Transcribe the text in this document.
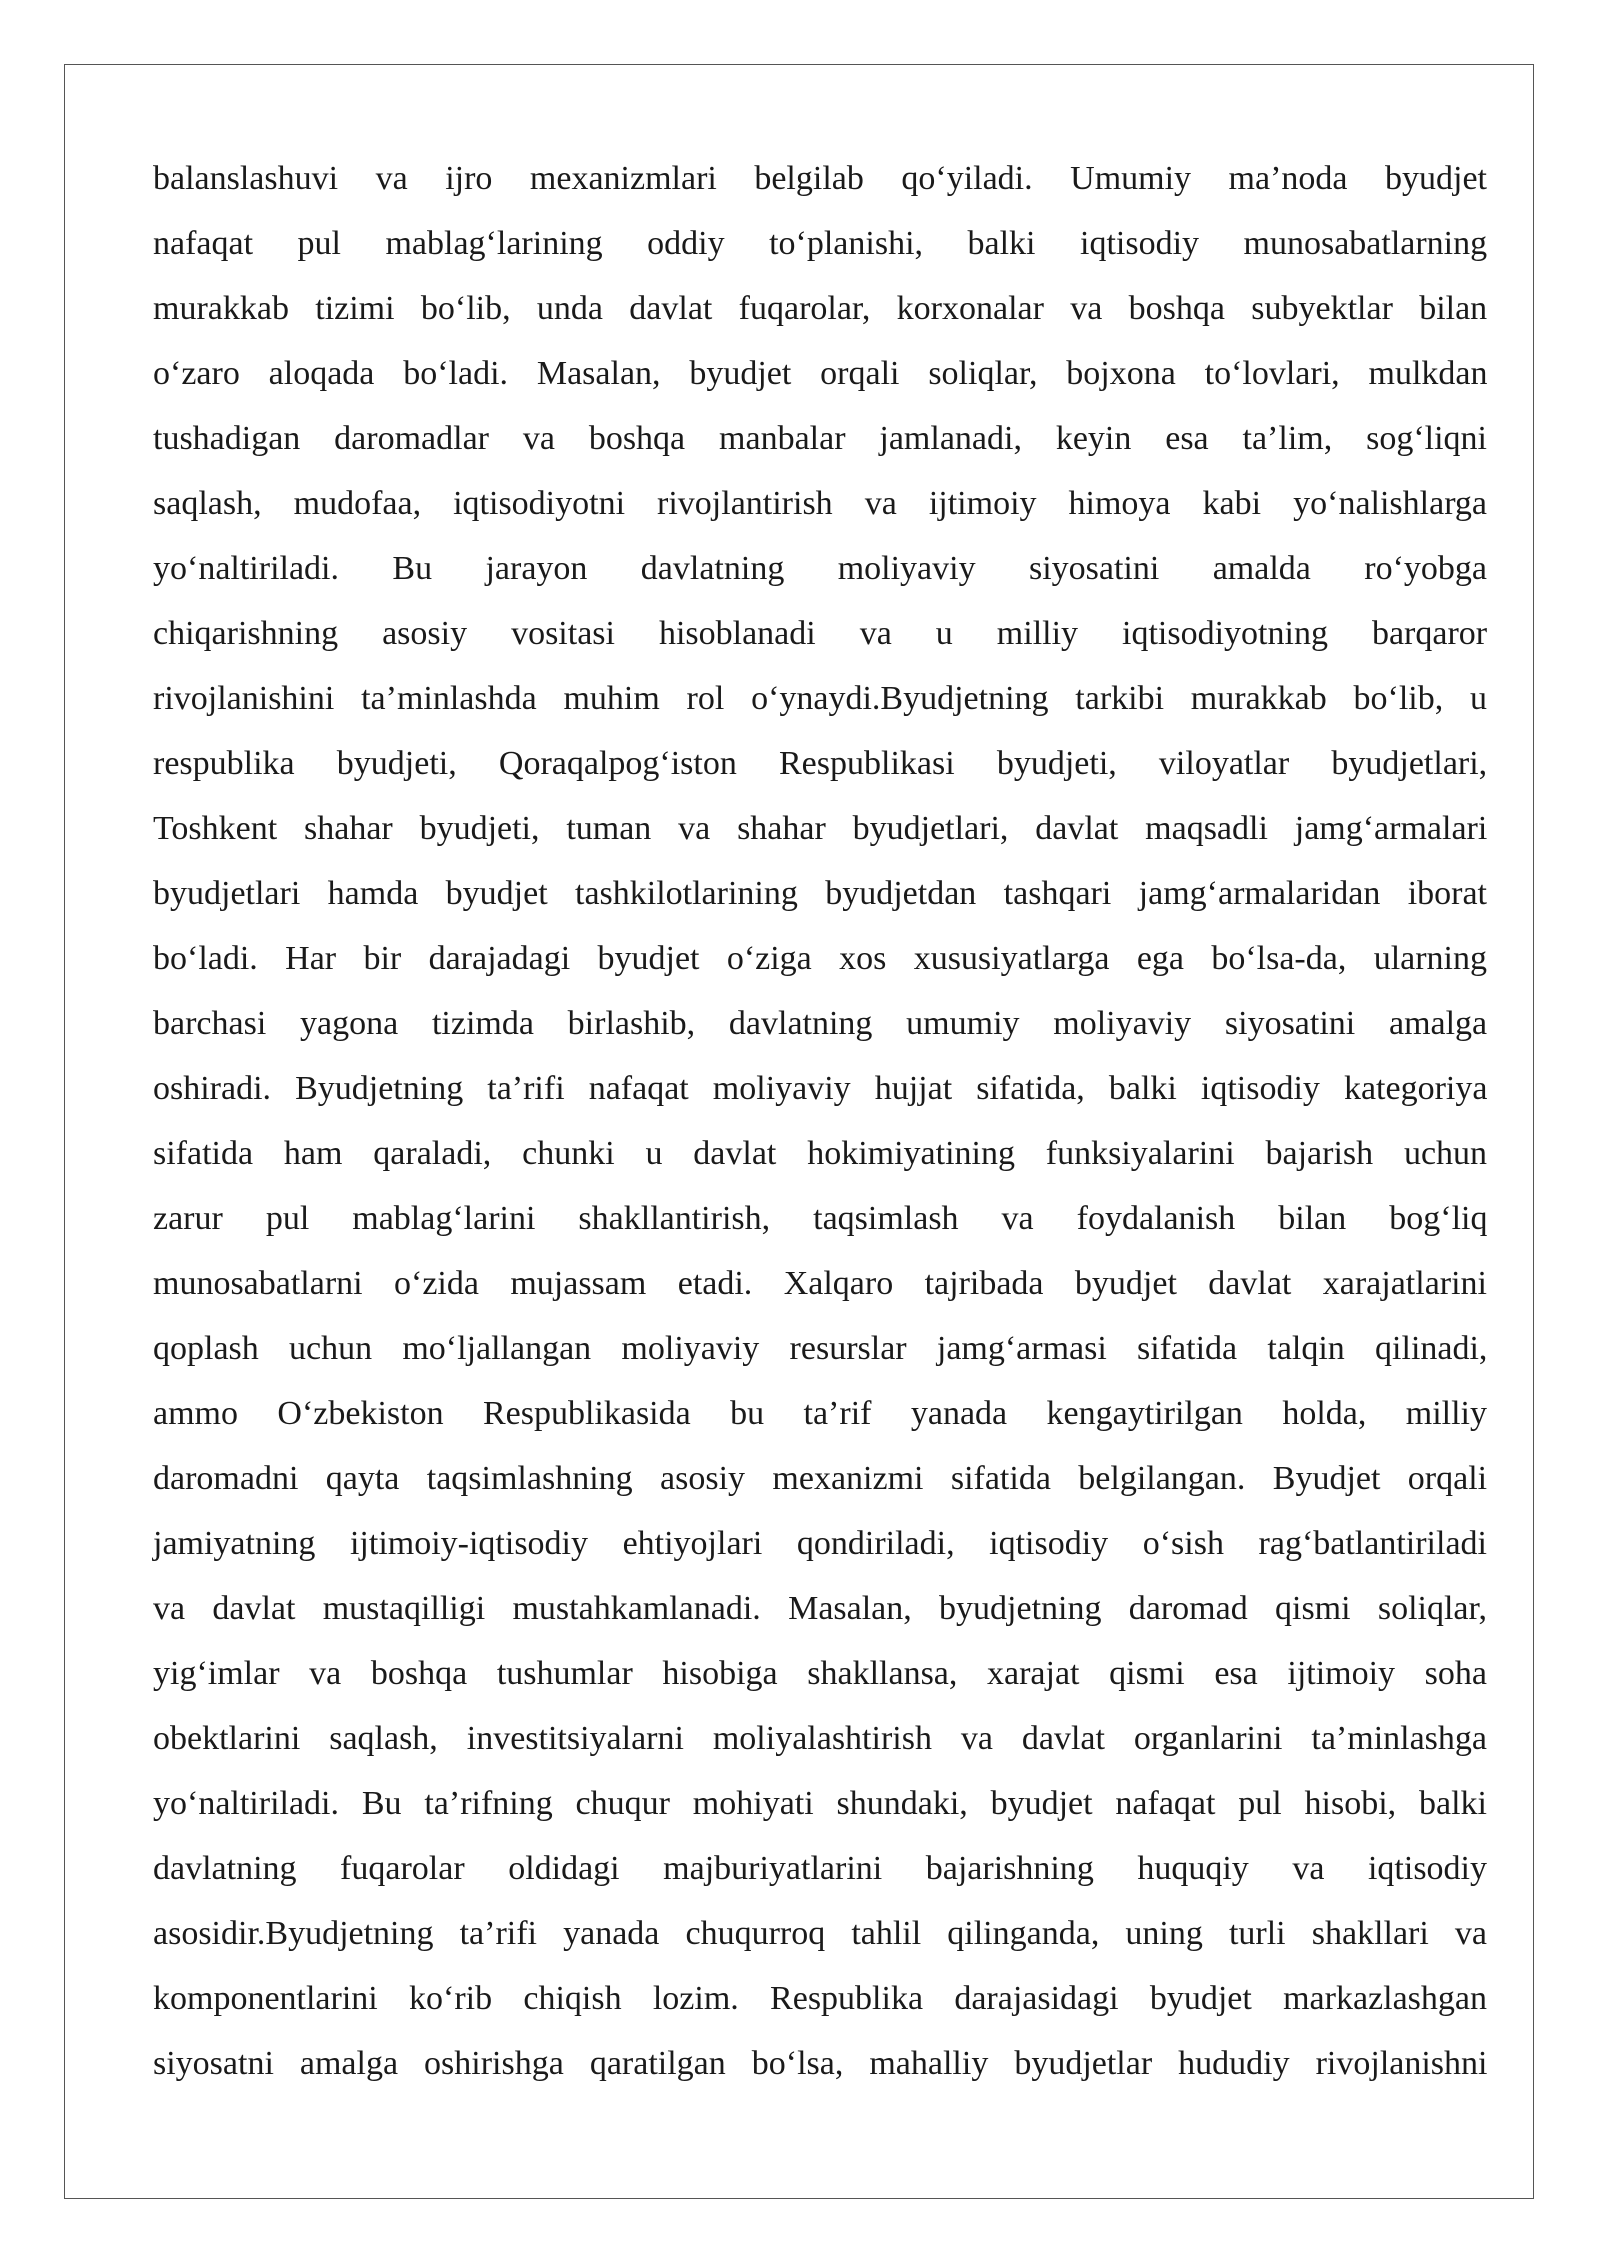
balanslashuvi va ijro mexanizmlari belgilab qo‘yiladi. Umumiy ma’noda byudjet
nafaqat pul mablag‘larining oddiy to‘planishi, balki iqtisodiy munosabatlarning
murakkab tizimi bo‘lib, unda davlat fuqarolar, korxonalar va boshqa subyektlar bilan
o‘zaro aloqada bo‘ladi. Masalan, byudjet orqali soliqlar, bojxona to‘lovlari, mulkdan
tushadigan daromadlar va boshqa manbalar jamlanadi, keyin esa ta’lim, sog‘liqni
saqlash, mudofaa, iqtisodiyotni rivojlantirish va ijtimoiy himoya kabi yo‘nalishlarga
yo‘naltiriladi. Bu jarayon davlatning moliyaviy siyosatini amalda ro‘yobga
chiqarishning asosiy vositasi hisoblanadi va u milliy iqtisodiyotning barqaror
rivojlanishini ta’minlashda muhim rol o‘ynaydi.Byudjetning tarkibi murakkab bo‘lib, u
respublika byudjeti, Qoraqalpog‘iston Respublikasi byudjeti, viloyatlar byudjetlari,
Toshkent shahar byudjeti, tuman va shahar byudjetlari, davlat maqsadli jamg‘armalari
byudjetlari hamda byudjet tashkilotlarining byudjetdan tashqari jamg‘armalaridan iborat
bo‘ladi. Har bir darajadagi byudjet o‘ziga xos xususiyatlarga ega bo‘lsa-da, ularning
barchasi yagona tizimda birlashib, davlatning umumiy moliyaviy siyosatini amalga
oshiradi. Byudjetning ta’rifi nafaqat moliyaviy hujjat sifatida, balki iqtisodiy kategoriya
sifatida ham qaraladi, chunki u davlat hokimiyatining funksiyalarini bajarish uchun
zarur pul mablag‘larini shakllantirish, taqsimlash va foydalanish bilan bog‘liq
munosabatlarni o‘zida mujassam etadi. Xalqaro tajribada byudjet davlat xarajatlarini
qoplash uchun mo‘ljallangan moliyaviy resurslar jamg‘armasi sifatida talqin qilinadi,
ammo O‘zbekiston Respublikasida bu ta’rif yanada kengaytirilgan holda, milliy
daromadni qayta taqsimlashning asosiy mexanizmi sifatida belgilangan. Byudjet orqali
jamiyatning ijtimoiy-iqtisodiy ehtiyojlari qondiriladi, iqtisodiy o‘sish rag‘batlantiriladi
va davlat mustaqilligi mustahkamlanadi. Masalan, byudjetning daromad qismi soliqlar,
yig‘imlar va boshqa tushumlar hisobiga shakllansa, xarajat qismi esa ijtimoiy soha
obektlarini saqlash, investitsiyalarni moliyalashtirish va davlat organlarini ta’minlashga
yo‘naltiriladi. Bu ta’rifning chuqur mohiyati shundaki, byudjet nafaqat pul hisobi, balki
davlatning fuqarolar oldidagi majburiyatlarini bajarishning huquqiy va iqtisodiy
asosidir.Byudjetning ta’rifi yanada chuqurroq tahlil qilinganda, uning turli shakllari va
komponentlarini ko‘rib chiqish lozim. Respublika darajasidagi byudjet markazlashgan
siyosatni amalga oshirishga qaratilgan bo‘lsa, mahalliy byudjetlar hududiy rivojlanishni
